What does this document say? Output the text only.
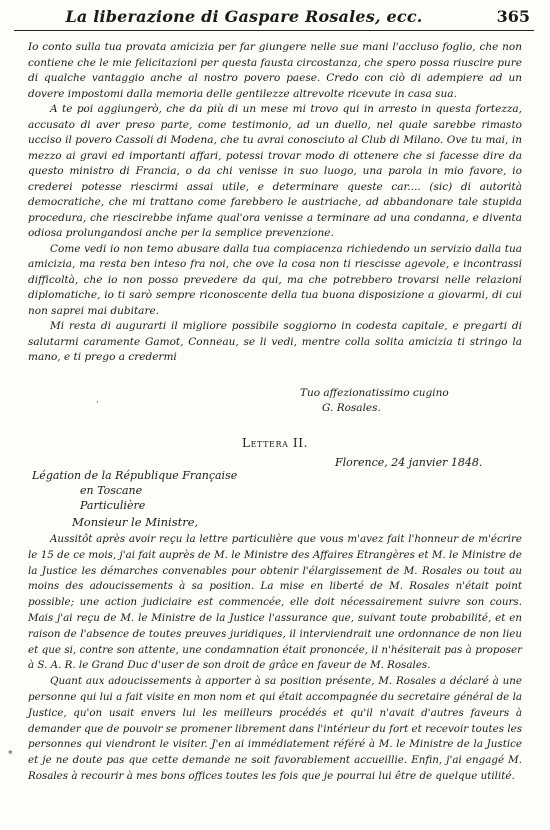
La liberazione di Gaspare Rosales, ecc.	365

Io conto sulla tua provata amicizia per far giungere nelle sue mani l'accluso foglio, che non contiene che le mie felicitazioni per questa fausta circostanza, che spero possa riuscire pure di qualche vantaggio anche al nostro povero paese. Credo con ciò di adempiere ad un dovere impostomi dalla memoria delle gentilezze altrevolte ricevute in casa sua.

A te poi aggiungerò, che da più di un mese mi trovo qui in arresto in questa fortezza, accusato di aver preso parte, come testimonio, ad un duello, nel quale sarebbe rimasto ucciso il povero Cassoli di Modena, che tu avrai conosciuto al Club di Milano. Ove tu mai, in mezzo ai gravi ed importanti affari, potessi trovar modo di ottenere che si facesse dire da questo ministro di Francia, o da chi venisse in suo luogo, una parola in mio favore, io crederei potesse riescirmi assai utile, e determinare queste car.... (sic) di autorità democratiche, che mi trattano come farebbero le austriache, ad abbandonare tale stupida procedura, che riescirebbe infame qual'ora venisse a terminare ad una condanna, e diventa odiosa prolungandosi anche per la semplice prevenzione.

Come vedi io non temo abusare dalla tua compiacenza richiedendo un servizio dalla tua amicizia, ma resta ben inteso fra noi, che ove la cosa non ti riescisse agevole, e incontrassi difficoltà, che io non posso prevedere da qui, ma che potrebbero trovarsi nelle relazioni diplomatiche, io ti sarò sempre riconoscente della tua buona disposizione a giovarmi, di cui non saprei mai dubitare.

Mi resta di augurarti il migliore possibile soggiorno in codesta capitale, e pregarti di salutarmi caramente Gamot, Conneau, se li vedi, mentre colla solita amicizia ti stringo la mano, e ti prego a credermi

Tuo affezionatissimo cugino
G. Rosales.
Lettera II.
Florence, 24 janvier 1848.
Légation de la République Française
en Toscane
Particulière
Monsieur le Ministre,

Aussitôt après avoir reçu la lettre particulière que vous m'avez fait l'honneur de m'écrire le 15 de ce mois, j'ai fait auprès de M. le Ministre des Affaires Etrangères et M. le Ministre de la Justice les démarches convenables pour obtenir l'élargissement de M. Rosales ou tout au moins des adoucissements à sa position. La mise en liberté de M. Rosales n'était point possible; une action judiciaire est commencée, elle doit nécessairement suivre son cours. Mais j'ai reçu de M. le Ministre de la Justice l'assurance que, suivant toute probabilité, et en raison de l'absence de toutes preuves juridiques, il interviendrait une ordonnance de non lieu et que si, contre son attente, une condamnation était prononcée, il n'hésiterait pas à proposer à S. A. R. le Grand Duc d'user de son droit de grâce en faveur de M. Rosales.

Quant aux adoucissements à apporter à sa position présente, M. Rosales a déclaré à une personne qui lui a fait visite en mon nom et qui était accompagnée du secretaire général de la Justice, qu'on usait envers lui les meilleurs procédés et qu'il n'avait d'autres faveurs à demander que de pouvoir se promener librement dans l'intérieur du fort et recevoir toutes les personnes qui viendront le visiter. J'en ai immédiatement référé à M. le Ministre de la Justice et je ne doute pas que cette demande ne soit favorablement accueillie. Enfin, j'ai engagé M. Rosales à recourir à mes bons offices toutes les fois que je pourrai lui être de quelque utilité.

·
*
